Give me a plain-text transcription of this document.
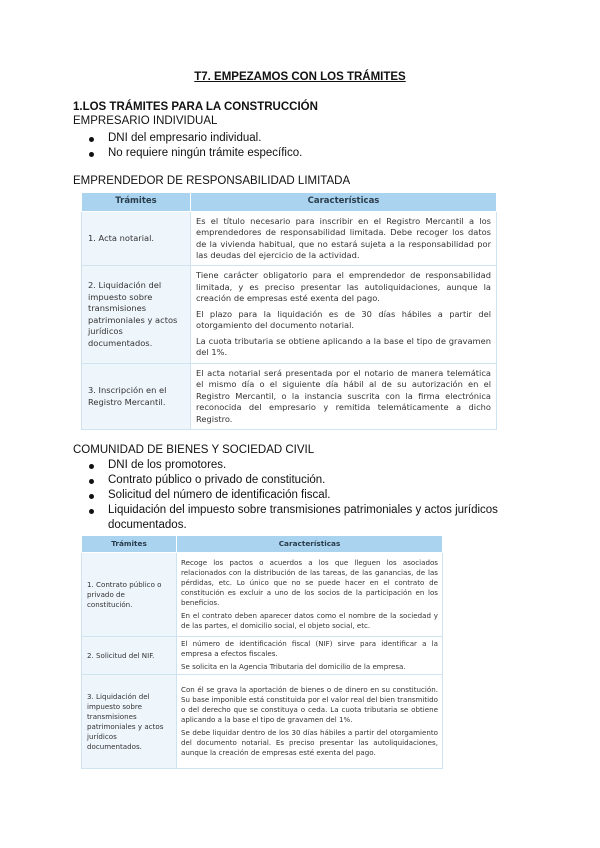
T7. EMPEZAMOS CON LOS TRÁMITES
1.LOS TRÁMITES PARA LA CONSTRUCCIÓN
EMPRESARIO INDIVIDUAL
DNI del empresario individual.
No requiere ningún trámite específico.
EMPRENDEDOR DE RESPONSABILIDAD LIMITADA
Trámites	Características
1. Acta notarial.	Es el título necesario para inscribir en el Registro Mercantil a los emprendedores de responsabilidad limitada. Debe recoger los datos de la vivienda habitual, que no estará sujeta a la responsabilidad por las deudas del ejercicio de la actividad.

2. Liquidación del impuesto sobre transmisiones patrimoniales y actos jurídicos documentados.	Tiene carácter obligatorio para el emprendedor de responsabilidad limitada, y es preciso presentar las autoliquidaciones, aunque la creación de empresas esté exenta del pago.

El plazo para la liquidación es de 30 días hábiles a partir del otorgamiento del documento notarial.

La cuota tributaria se obtiene aplicando a la base el tipo de gravamen del 1%.

3. Inscripción en el Registro Mercantil.	El acta notarial será presentada por el notario de manera telemática el mismo día o el siguiente día hábil al de su autorización en el Registro Mercantil, o la instancia suscrita con la firma electrónica reconocida del empresario y remitida telemáticamente a dicho Registro.

COMUNIDAD DE BIENES Y SOCIEDAD CIVIL
DNI de los promotores.
Contrato público o privado de constitución.
Solicitud del número de identificación fiscal.
Liquidación del impuesto sobre transmisiones patrimoniales y actos jurídicos documentados.
Trámites	Características
1. Contrato público o privado de constitución.	Recoge los pactos o acuerdos a los que lleguen los asociados relacionados con la distribución de las tareas, de las ganancias, de las pérdidas, etc. Lo único que no se puede hacer en el contrato de constitución es excluir a uno de los socios de la participación en los beneficios.

En el contrato deben aparecer datos como el nombre de la sociedad y de las partes, el domicilio social, el objeto social, etc.

2. Solicitud del NIF.	El número de identificación fiscal (NIF) sirve para identificar a la empresa a efectos fiscales.

Se solicita en la Agencia Tributaria del domicilio de la empresa.

3. Liquidación del impuesto sobre transmisiones patrimoniales y actos jurídicos documentados.	Con él se grava la aportación de bienes o de dinero en su constitución. Su base imponible está constituida por el valor real del bien transmitido o del derecho que se constituya o ceda. La cuota tributaria se obtiene aplicando a la base el tipo de gravamen del 1%.

Se debe liquidar dentro de los 30 días hábiles a partir del otorgamiento del documento notarial. Es preciso presentar las autoliquidaciones, aunque la creación de empresas esté exenta del pago.
